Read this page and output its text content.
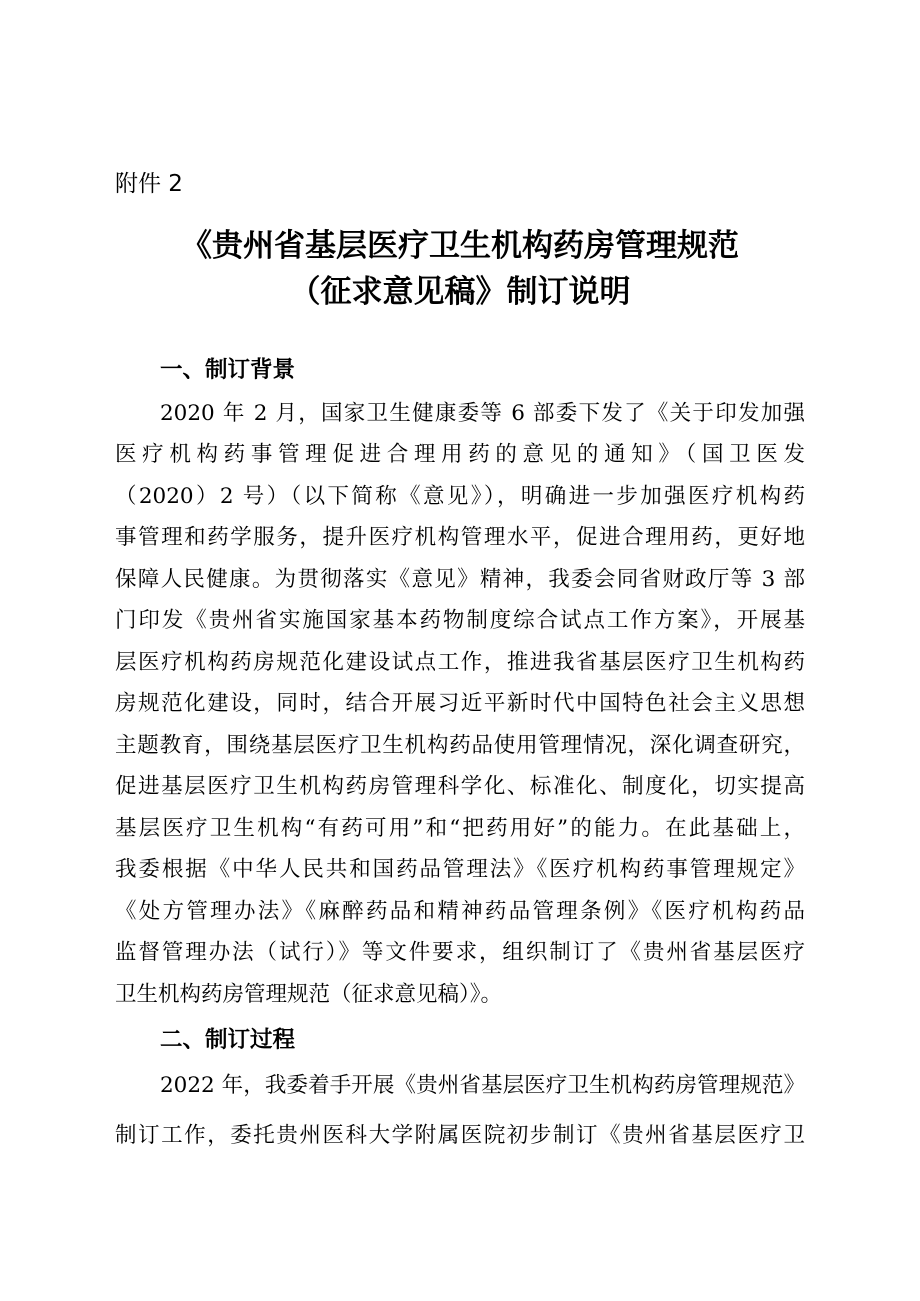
附件 2
《贵州省基层医疗卫生机构药房管理规范
（征求意见稿》制订说明
一、制订背景
2020 年 2 月，国家卫生健康委等 6 部委下发了《关于印发加强
医疗机构药事管理促进合理用药的意见的通知》（国卫医发
（2020）2 号）（以下简称《意见》），明确进一步加强医疗机构药
事管理和药学服务，提升医疗机构管理水平，促进合理用药，更好地
保障人民健康。为贯彻落实《意见》精神，我委会同省财政厅等 3 部
门印发《贵州省实施国家基本药物制度综合试点工作方案》，开展基
层医疗机构药房规范化建设试点工作，推进我省基层医疗卫生机构药
房规范化建设，同时，结合开展习近平新时代中国特色社会主义思想
主题教育，围绕基层医疗卫生机构药品使用管理情况，深化调查研究，
促进基层医疗卫生机构药房管理科学化、标准化、制度化，切实提高
基层医疗卫生机构“有药可用”和“把药用好”的能力。在此基础上，
我委根据《中华人民共和国药品管理法》《医疗机构药事管理规定》
《处方管理办法》《麻醉药品和精神药品管理条例》《医疗机构药品
监督管理办法（试行）》等文件要求，组织制订了《贵州省基层医疗
卫生机构药房管理规范（征求意见稿）》。
二、制订过程
2022 年，我委着手开展《贵州省基层医疗卫生机构药房管理规范》
制订工作，委托贵州医科大学附属医院初步制订《贵州省基层医疗卫
